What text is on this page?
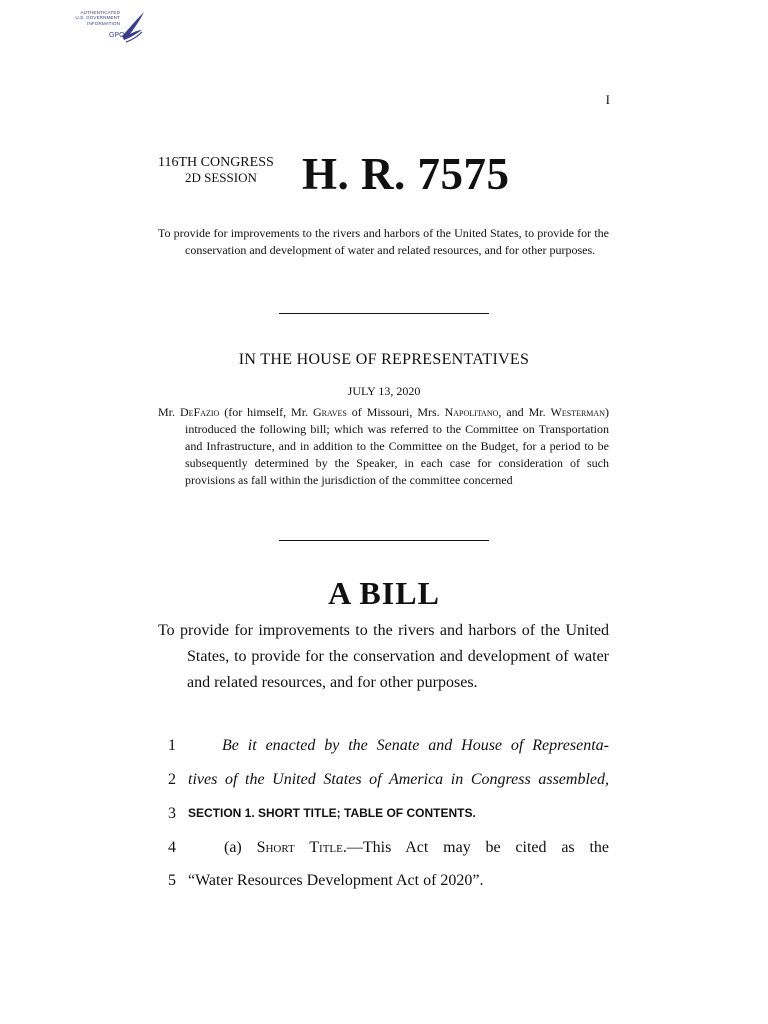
AUTHENTICATED
U.S. GOVERNMENT
INFORMATION
GPO
I
116TH CONGRESS
2D SESSION	H. R. 7575
To provide for improvements to the rivers and harbors of the United States, to provide for the conservation and development of water and related resources, and for other purposes.
IN THE HOUSE OF REPRESENTATIVES
JULY 13, 2020
Mr. DeFazio (for himself, Mr. Graves of Missouri, Mrs. Napolitano, and Mr. Westerman) introduced the following bill; which was referred to the Committee on Transportation and Infrastructure, and in addition to the Committee on the Budget, for a period to be subsequently determined by the Speaker, in each case for consideration of such provisions as fall within the jurisdiction of the committee concerned
A BILL
To provide for improvements to the rivers and harbors of the United States, to provide for the conservation and development of water and related resources, and for other purposes.
1	Be it enacted by the Senate and House of Representa-
2 tives of the United States of America in Congress assembled,
3 SECTION 1. SHORT TITLE; TABLE OF CONTENTS.
4	(a) Short Title.—This Act may be cited as the
5 “Water Resources Development Act of 2020”.
